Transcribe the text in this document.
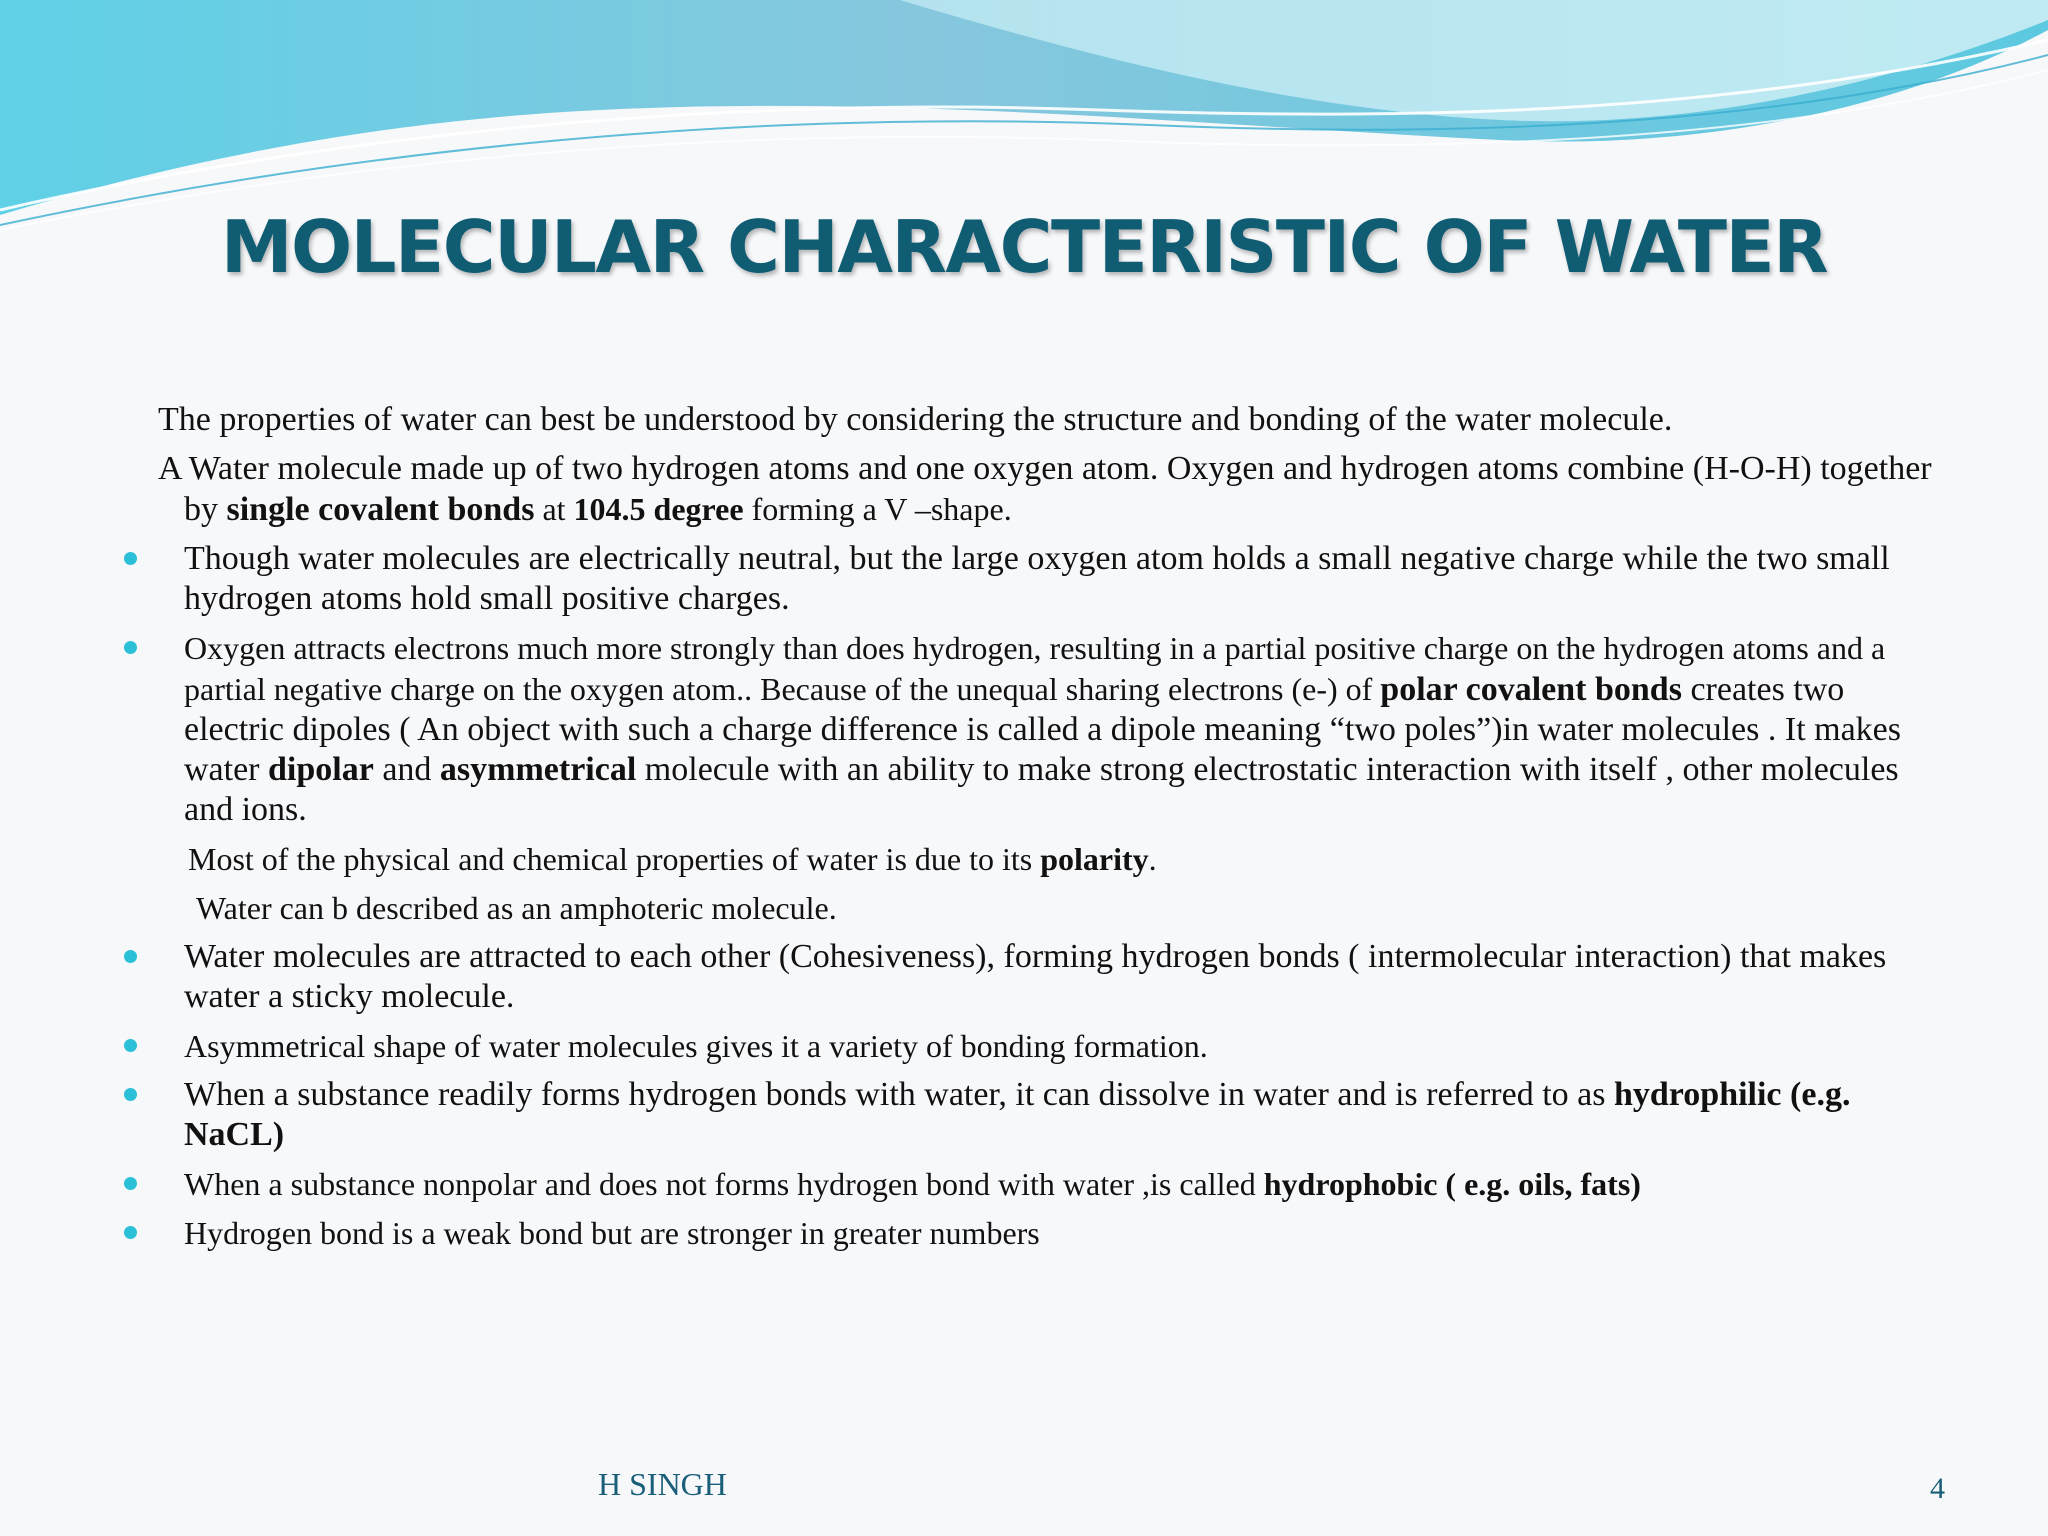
MOLECULAR CHARACTERISTIC OF WATER

The properties of water can best be understood by considering the structure and bonding of the water molecule.

A Water molecule made up of two hydrogen atoms and one oxygen atom. Oxygen and hydrogen atoms combine (H-O-H) together by single covalent bonds at 104.5 degree forming a V –shape.

Though water molecules are electrically neutral, but the large oxygen atom holds a small negative charge while the two small hydrogen atoms hold small positive charges.

Oxygen attracts electrons much more strongly than does hydrogen, resulting in a partial positive charge on the hydrogen atoms and a partial negative charge on the oxygen atom.. Because of the unequal sharing electrons (e-) of polar covalent bonds creates two electric dipoles ( An object with such a charge difference is called a dipole meaning “two poles”)in water molecules . It makes water dipolar and asymmetrical molecule with an ability to make strong electrostatic interaction with itself , other molecules and ions.

Most of the physical and chemical properties of water is due to its polarity.

Water can b described as an amphoteric molecule.

Water molecules are attracted to each other (Cohesiveness), forming hydrogen bonds ( intermolecular interaction) that makes water a sticky molecule.

Asymmetrical shape of water molecules gives it a variety of bonding formation.

When a substance readily forms hydrogen bonds with water, it can dissolve in water and is referred to as hydrophilic (e.g. NaCL)

When a substance nonpolar and does not forms hydrogen bond with water ,is called hydrophobic ( e.g. oils, fats)

Hydrogen bond is a weak bond but are stronger in greater numbers

H SINGH	4
